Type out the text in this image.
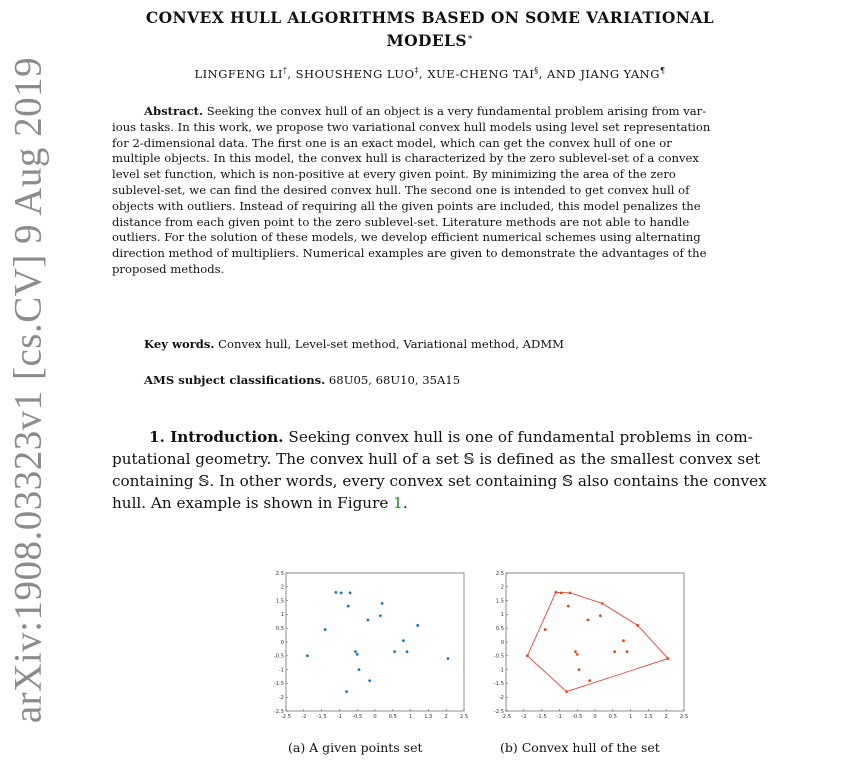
arXiv:1908.03323v1 [cs.CV] 9 Aug 2019
CONVEX HULL ALGORITHMS BASED ON SOME VARIATIONAL
MODELS∗
LINGFENG LI†, SHOUSHENG LUO‡, XUE-CHENG TAI§, AND JIANG YANG¶
Abstract. Seeking the convex hull of an object is a very fundamental problem arising from var-
ious tasks. In this work, we propose two variational convex hull models using level set representation
for 2-dimensional data. The first one is an exact model, which can get the convex hull of one or
multiple objects. In this model, the convex hull is characterized by the zero sublevel-set of a convex
level set function, which is non-positive at every given point. By minimizing the area of the zero
sublevel-set, we can find the desired convex hull. The second one is intended to get convex hull of
objects with outliers. Instead of requiring all the given points are included, this model penalizes the
distance from each given point to the zero sublevel-set. Literature methods are not able to handle
outliers. For the solution of these models, we develop efficient numerical schemes using alternating
direction method of multipliers. Numerical examples are given to demonstrate the advantages of the
proposed methods.
Key words. Convex hull, Level-set method, Variational method, ADMM
AMS subject classifications. 68U05, 68U10, 35A15
1. Introduction. Seeking convex hull is one of fundamental problems in com-
putational geometry. The convex hull of a set 𝕊 is defined as the smallest convex set
containing 𝕊. In other words, every convex set containing 𝕊 also contains the convex
hull. An example is shown in Figure 1.
-2.5 -2 -1.5 -1 -0.5 0 0.5 1 1.5 2 2.5
2.5
2
1.5
1
0.5
0
-0.5
-1
-1.5
-2
-2.5
-2.5 -2 -1.5 -1 -0.5 0 0.5 1 1.5 2 2.5
2.5
2
1.5
1
0.5
0
-0.5
-1
-1.5
-2
-2.5
(a) A given points set	(b) Convex hull of the set
